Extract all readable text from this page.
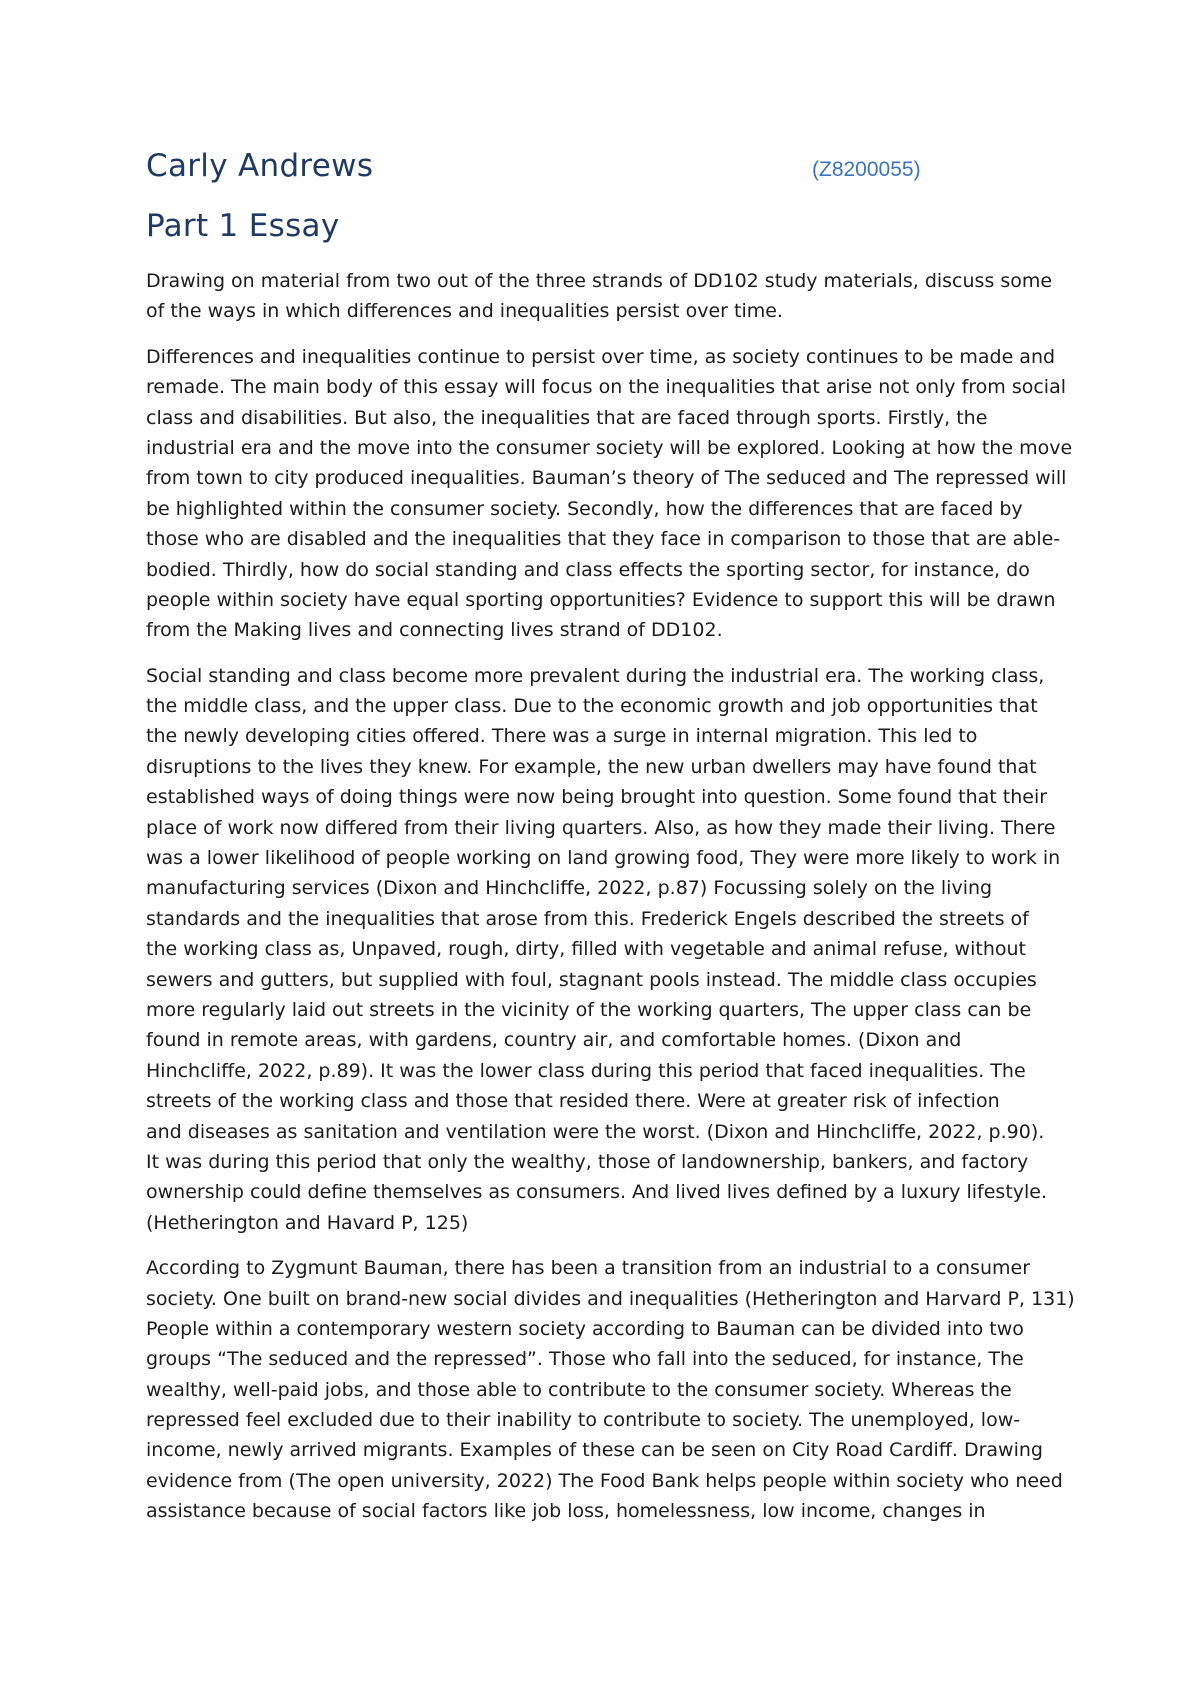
Carly Andrews	(Z8200055)
Part 1 Essay

Drawing on material from two out of the three strands of DD102 study materials, discuss some
of the ways in which differences and inequalities persist over time.

Differences and inequalities continue to persist over time, as society continues to be made and
remade. The main body of this essay will focus on the inequalities that arise not only from social
class and disabilities. But also, the inequalities that are faced through sports. Firstly, the
industrial era and the move into the consumer society will be explored. Looking at how the move
from town to city produced inequalities. Bauman’s theory of The seduced and The repressed will
be highlighted within the consumer society. Secondly, how the differences that are faced by
those who are disabled and the inequalities that they face in comparison to those that are able-
bodied. Thirdly, how do social standing and class effects the sporting sector, for instance, do
people within society have equal sporting opportunities? Evidence to support this will be drawn
from the Making lives and connecting lives strand of DD102.

Social standing and class become more prevalent during the industrial era. The working class,
the middle class, and the upper class. Due to the economic growth and job opportunities that
the newly developing cities offered. There was a surge in internal migration. This led to
disruptions to the lives they knew. For example, the new urban dwellers may have found that
established ways of doing things were now being brought into question. Some found that their
place of work now differed from their living quarters. Also, as how they made their living. There
was a lower likelihood of people working on land growing food, They were more likely to work in
manufacturing services (Dixon and Hinchcliffe, 2022, p.87) Focussing solely on the living
standards and the inequalities that arose from this. Frederick Engels described the streets of
the working class as, Unpaved, rough, dirty, filled with vegetable and animal refuse, without
sewers and gutters, but supplied with foul, stagnant pools instead. The middle class occupies
more regularly laid out streets in the vicinity of the working quarters, The upper class can be
found in remote areas, with gardens, country air, and comfortable homes. (Dixon and
Hinchcliffe, 2022, p.89). It was the lower class during this period that faced inequalities. The
streets of the working class and those that resided there. Were at greater risk of infection
and diseases as sanitation and ventilation were the worst. (Dixon and Hinchcliffe, 2022, p.90).
It was during this period that only the wealthy, those of landownership, bankers, and factory
ownership could define themselves as consumers. And lived lives defined by a luxury lifestyle.
(Hetherington and Havard P, 125)

According to Zygmunt Bauman, there has been a transition from an industrial to a consumer
society. One built on brand-new social divides and inequalities (Hetherington and Harvard P, 131)
People within a contemporary western society according to Bauman can be divided into two
groups “The seduced and the repressed”. Those who fall into the seduced, for instance, The
wealthy, well-paid jobs, and those able to contribute to the consumer society. Whereas the
repressed feel excluded due to their inability to contribute to society. The unemployed, low-
income, newly arrived migrants. Examples of these can be seen on City Road Cardiff. Drawing
evidence from (The open university, 2022) The Food Bank helps people within society who need
assistance because of social factors like job loss, homelessness, low income, changes in
